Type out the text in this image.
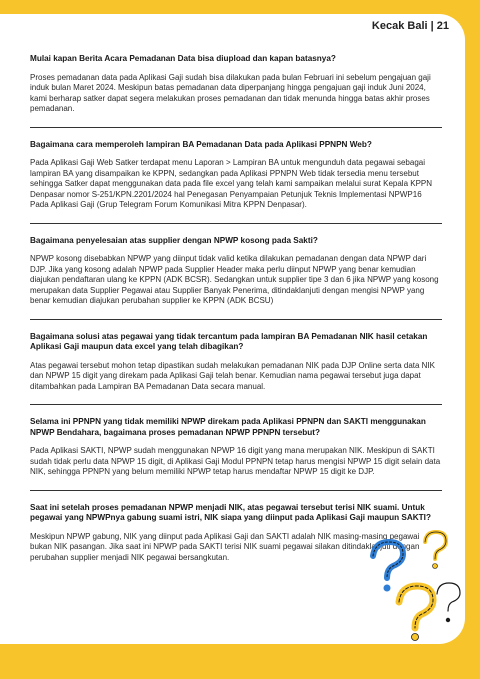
Kecak Bali | 21

Mulai kapan Berita Acara Pemadanan Data bisa diupload dan kapan batasnya?

Proses pemadanan data pada Aplikasi Gaji sudah bisa dilakukan pada bulan Februari ini sebelum pengajuan gaji induk bulan Maret 2024. Meskipun batas pemadanan data diperpanjang hingga pengajuan gaji induk Juni 2024, kami berharap satker dapat segera melakukan proses pemadanan dan tidak menunda hingga batas akhir proses pemadanan.

Bagaimana cara memperoleh lampiran BA Pemadanan Data pada Aplikasi PPNPN Web?

Pada Aplikasi Gaji Web Satker terdapat menu Laporan > Lampiran BA untuk mengunduh data pegawai sebagai lampiran BA yang disampaikan ke KPPN, sedangkan pada Aplikasi PPNPN Web tidak tersedia menu tersebut sehingga Satker dapat menggunakan data pada file excel yang telah kami sampaikan melalui surat Kepala KPPN Denpasar nomor S-251/KPN.2201/2024 hal Penegasan Penyampaian Petunjuk Teknis Implementasi NPWP16 Pada Aplikasi Gaji (Grup Telegram Forum Komunikasi Mitra KPPN Denpasar).

Bagaimana penyelesaian atas supplier dengan NPWP kosong pada Sakti?

NPWP kosong disebabkan NPWP yang diinput tidak valid ketika dilakukan pemadanan dengan data NPWP dari DJP. Jika yang kosong adalah NPWP pada Supplier Header maka perlu diinput NPWP yang benar kemudian diajukan pendaftaran ulang ke KPPN (ADK BCSR). Sedangkan untuk supplier tipe 3 dan 6 jika NPWP yang kosong merupakan data Supplier Pegawai atau Supplier Banyak Penerima, ditindaklanjuti dengan mengisi NPWP yang benar kemudian diajukan perubahan supplier ke KPPN (ADK BCSU)

Bagaimana solusi atas pegawai yang tidak tercantum pada lampiran BA Pemadanan NIK hasil cetakan Aplikasi Gaji maupun data excel yang telah dibagikan?

Atas pegawai tersebut mohon tetap dipastikan sudah melakukan pemadanan NIK pada DJP Online serta data NIK dan NPWP 15 digit yang direkam pada Aplikasi Gaji telah benar. Kemudian nama pegawai tersebut juga dapat ditambahkan pada Lampiran BA Pemadanan Data secara manual.

Selama ini PPNPN yang tidak memiliki NPWP direkam pada Aplikasi PPNPN dan SAKTI menggunakan NPWP Bendahara, bagaimana proses pemadanan NPWP PPNPN tersebut?

Pada Aplikasi SAKTI, NPWP sudah menggunakan NPWP 16 digit yang mana merupakan NIK. Meskipun di SAKTI sudah tidak perlu data NPWP 15 digit, di Aplikasi Gaji Modul PPNPN tetap harus mengisi NPWP 15 digit selain data NIK, sehingga PPNPN yang belum memiliki NPWP tetap harus mendaftar NPWP 15 digit ke DJP.

Saat ini setelah proses pemadanan NPWP menjadi NIK, atas pegawai tersebut terisi NIK suami. Untuk pegawai yang NPWPnya gabung suami istri, NIK siapa yang diinput pada Aplikasi Gaji maupun SAKTI?

Meskipun NPWP gabung, NIK yang diinput pada Aplikasi Gaji dan SAKTI adalah NIK masing-masing pegawai bukan NIK pasangan. Jika saat ini NPWP pada SAKTI terisi NIK suami pegawai silakan ditindaklanjuti dengan perubahan supplier menjadi NIK pegawai bersangkutan.
